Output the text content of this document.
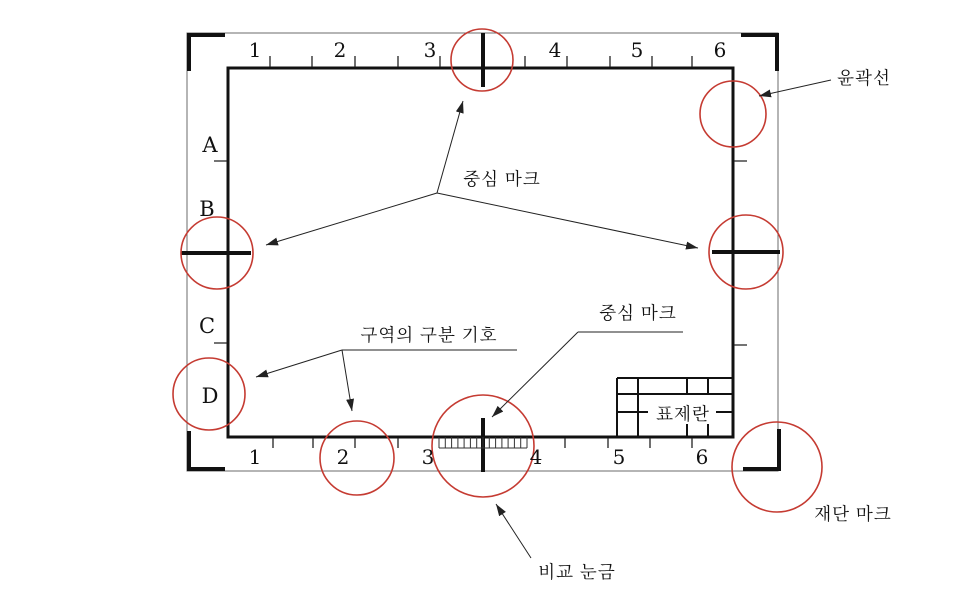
1	2	3	4	5	6
1	2	3	4	5	6
A
B
C
D
중심 마크
윤곽선
구역의 구분 기호
중심 마크
표제란
비교 눈금
재단 마크
